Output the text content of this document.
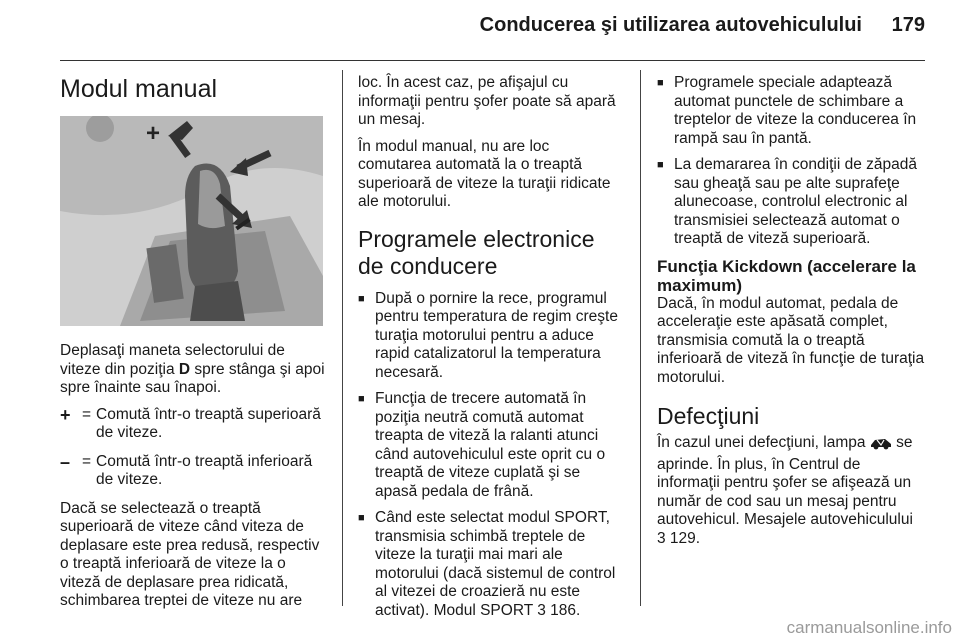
Conducerea şi utilizarea autovehiculului 179
Modul manual
+

Deplasaţi maneta selectorului de viteze din poziţia D spre stânga şi apoi spre înainte sau înapoi.

+ = Comută într-o treaptă superioară de viteze.
– = Comută într-o treaptă inferioară de viteze.

Dacă se selectează o treaptă superioară de viteze când viteza de deplasare este prea redusă, respectiv o treaptă inferioară de viteze la o viteză de deplasare prea ridicată, schimbarea treptei de viteze nu are

loc. În acest caz, pe afişajul cu informaţii pentru şofer poate să apară un mesaj.

În modul manual, nu are loc comutarea automată la o treaptă superioară de viteze la turaţii ridicate ale motorului.

Programele electronice de conducere
■ După o pornire la rece, programul pentru temperatura de regim creşte turaţia motorului pentru a aduce rapid catalizatorul la temperatura necesară.
■ Funcţia de trecere automată în poziţia neutră comută automat treapta de viteză la ralanti atunci când autovehiculul este oprit cu o treaptă de viteze cuplată şi se apasă pedala de frână.
■ Când este selectat modul SPORT, transmisia schimbă treptele de viteze la turaţii mai mari ale motorului (dacă sistemul de control al vitezei de croazieră nu este activat). Modul SPORT 3 186.
■ Programele speciale adaptează automat punctele de schimbare a treptelor de viteze la conducerea în rampă sau în pantă.
■ La demararea în condiţii de zăpadă sau gheaţă sau pe alte suprafeţe alunecoase, controlul electronic al transmisiei selectează automat o treaptă de viteză superioară.
Funcţia Kickdown (accelerare la maximum)

Dacă, în modul automat, pedala de acceleraţie este apăsată complet, transmisia comută la o treaptă inferioară de viteză în funcţie de turaţia motorului.

Defecţiuni

În cazul unei defecţiuni, lampa  se aprinde. În plus, în Centrul de informaţii pentru şofer se afişează un număr de cod sau un mesaj pentru autovehicul. Mesajele autovehiculului 3 129.

carmanualsonline.info
